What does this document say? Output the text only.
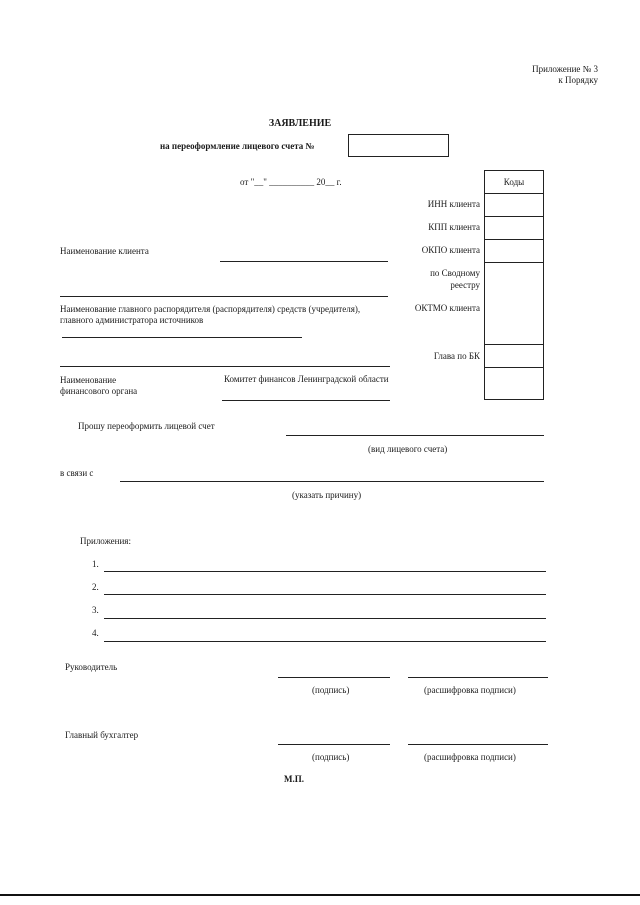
Приложение № 3
к Порядку
ЗАЯВЛЕНИЕ
на переоформление лицевого счета №
от "__" __________ 20__ г.	Коды
ИНН клиента
КПП клиента
ОКПО клиента
по Сводному
реестру
ОКТМО клиента
Глава по БК
Наименование клиента
Наименование главного распорядителя (распорядителя) средств (учредителя), главного администратора источников
Наименование
финансового органа
Комитет финансов Ленинградской области
Прошу переоформить лицевой счет
(вид лицевого счета)
в связи с
(указать причину)
Приложения:
1.
2.
3.
4.
Руководитель
(подпись)	(расшифровка подписи)
Главный бухгалтер
(подпись)	(расшифровка подписи)
М.П.
